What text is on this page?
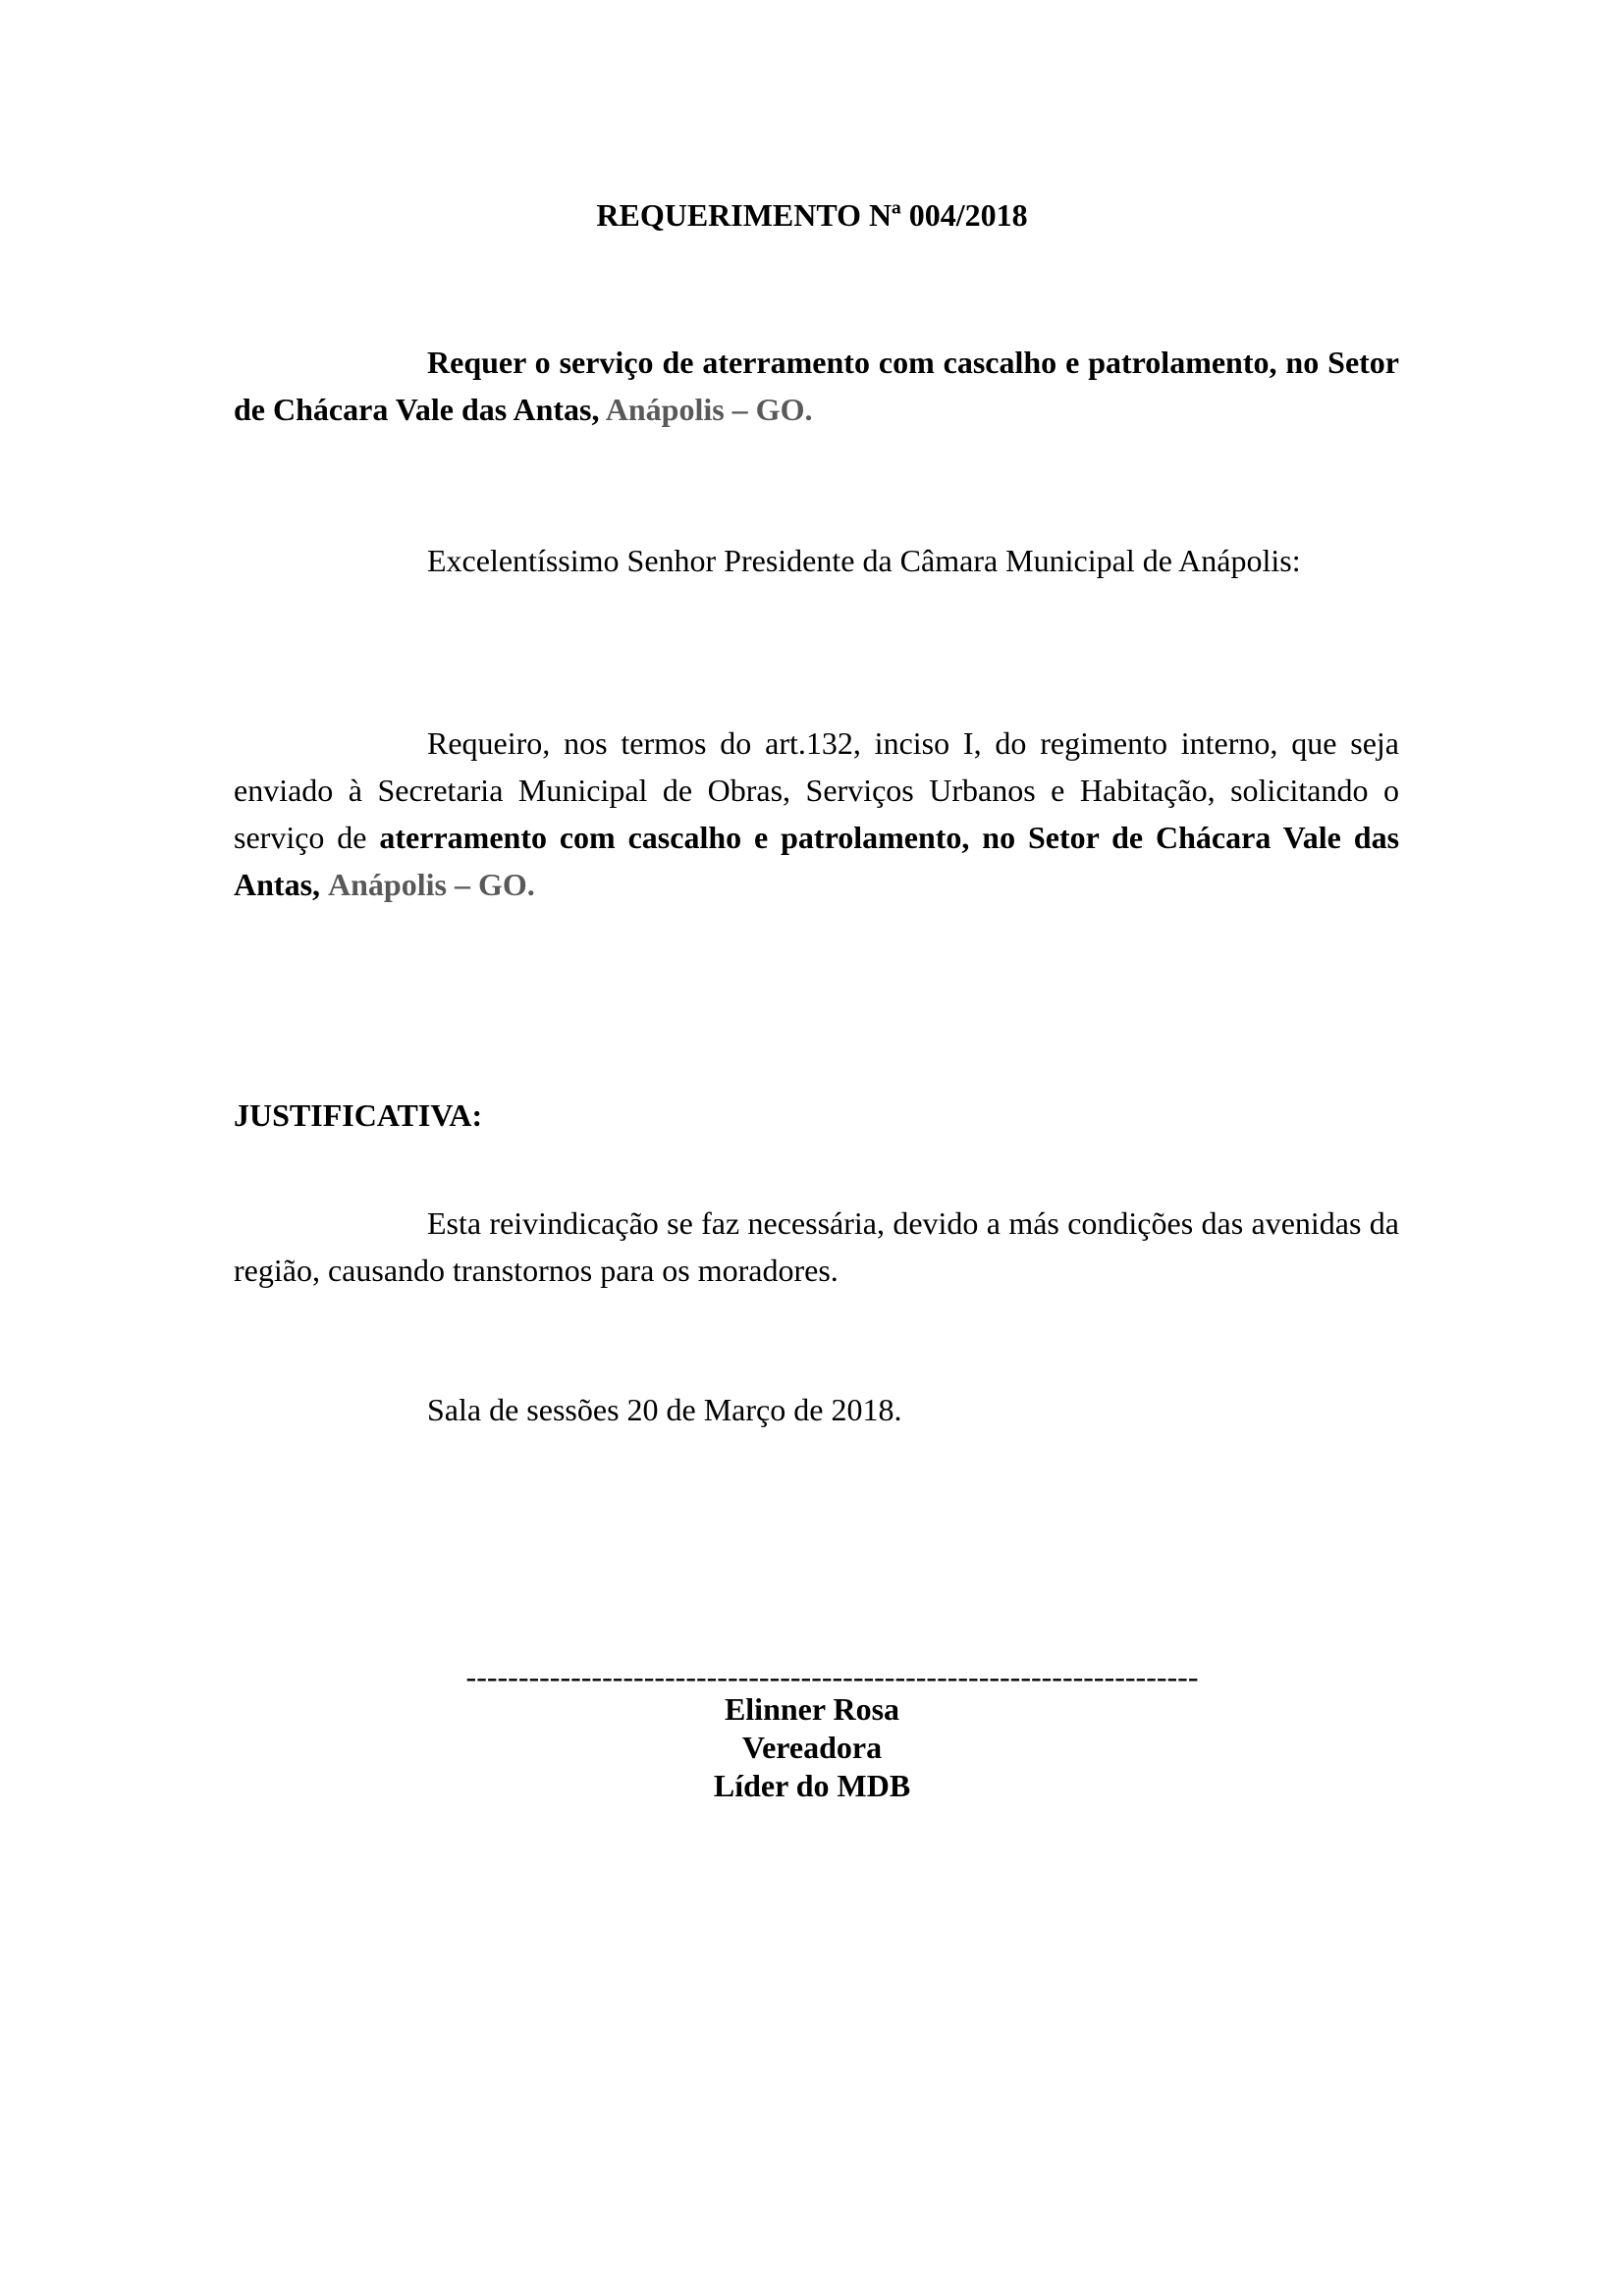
REQUERIMENTO Nª 004/2018
Requer o serviço de aterramento com cascalho e patrolamento, no Setor de Chácara Vale das Antas, Anápolis – GO.
Excelentíssimo Senhor Presidente da Câmara Municipal de Anápolis:
Requeiro, nos termos do art.132, inciso I, do regimento interno, que seja enviado à Secretaria Municipal de Obras, Serviços Urbanos e Habitação, solicitando o serviço de aterramento com cascalho e patrolamento, no Setor de Chácara Vale das Antas, Anápolis – GO.
JUSTIFICATIVA:
Esta reivindicação se faz necessária, devido a más condições das avenidas da região, causando transtornos para os moradores.
Sala de sessões 20 de Março de 2018.
----------------------------------------------------------------------
Elinner Rosa
Vereadora
Líder do MDB
